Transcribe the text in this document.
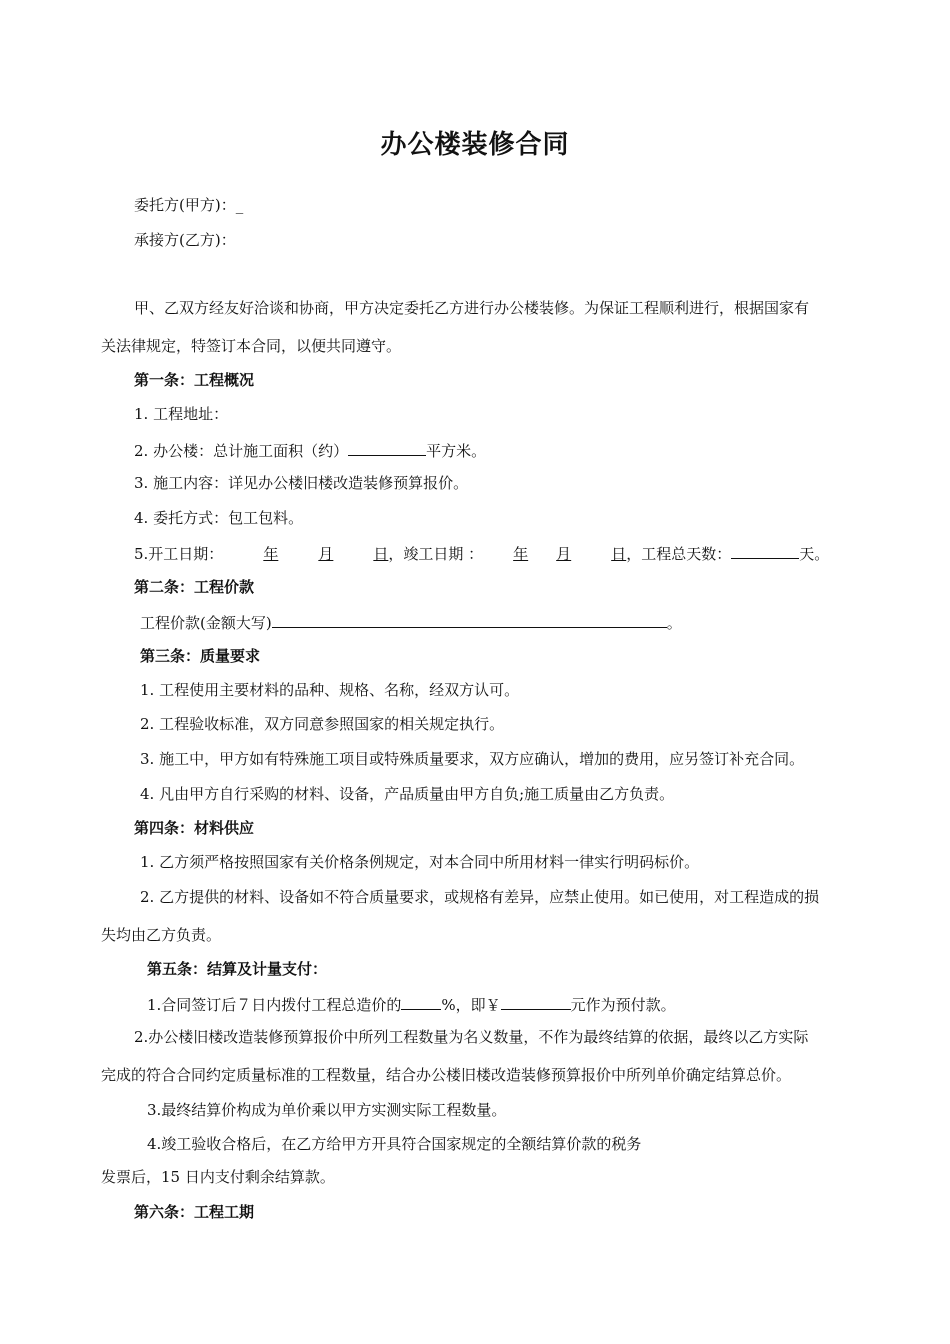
办公楼装修合同
委托方(甲方)：_
承接方(乙方)：
甲、乙双方经友好洽谈和协商，甲方决定委托乙方进行办公楼装修。为保证工程顺利进行，根据国家有
关法律规定，特签订本合同，以便共同遵守。
第一条：工程概况
1. 工程地址：
2. 办公楼：总计施工面积（约）	平方米。
3. 施工内容：详见办公楼旧楼改造装修预算报价。
4. 委托方式：包工包料。
5.开工日期：	年	月	日，竣工日期 ： 年 月	日，工程总天数：	天。
第二条：工程价款
工程价款(金额大写)	。
第三条：质量要求
1. 工程使用主要材料的品种、规格、名称，经双方认可。
2. 工程验收标准，双方同意参照国家的相关规定执行。
3. 施工中，甲方如有特殊施工项目或特殊质量要求，双方应确认，增加的费用，应另签订补充合同。
4. 凡由甲方自行采购的材料、设备，产品质量由甲方自负;施工质量由乙方负责。
第四条：材料供应
1. 乙方须严格按照国家有关价格条例规定，对本合同中所用材料一律实行明码标价。
2. 乙方提供的材料、设备如不符合质量要求，或规格有差异，应禁止使用。如已使用，对工程造成的损
失均由乙方负责。
第五条：结算及计量支付：
1.合同签订后７日内拨付工程总造价的	%，即￥	元作为预付款。
2.办公楼旧楼改造装修预算报价中所列工程数量为名义数量，不作为最终结算的依据，最终以乙方实际
完成的符合合同约定质量标准的工程数量，结合办公楼旧楼改造装修预算报价中所列单价确定结算总价。
3.最终结算价构成为单价乘以甲方实测实际工程数量。
4.竣工验收合格后，在乙方给甲方开具符合国家规定的全额结算价款的税务
发票后，15 日内支付剩余结算款。
第六条：工程工期
